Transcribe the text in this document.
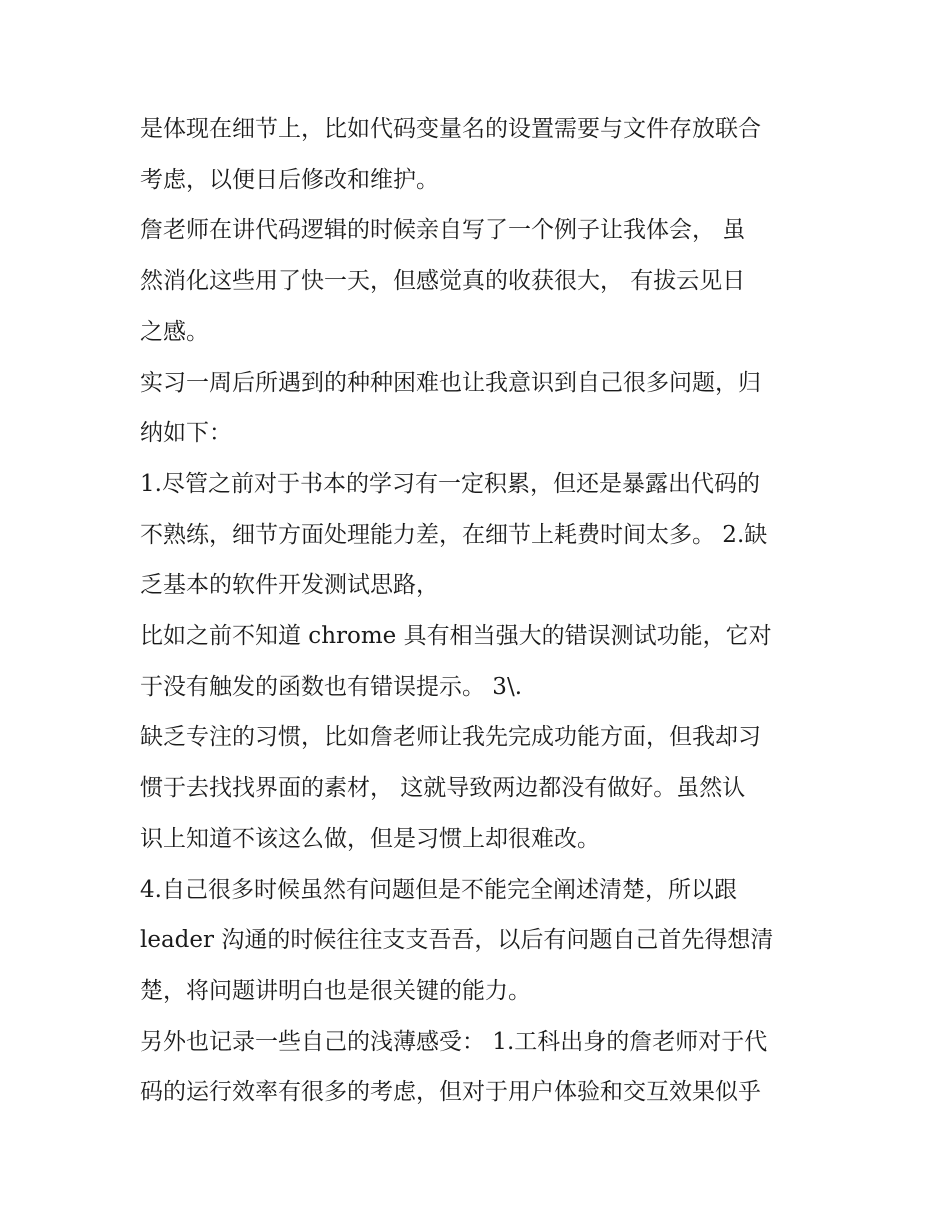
是体现在细节上，比如代码变量名的设置需要与文件存放联合
考虑，以便日后修改和维护。

詹老师在讲代码逻辑的时候亲自写了一个例子让我体会， 虽
然消化这些用了快一天，但感觉真的收获很大， 有拔云见日
之感。

实习一周后所遇到的种种困难也让我意识到自己很多问题，归
纳如下：

1.尽管之前对于书本的学习有一定积累，但还是暴露出代码的
不熟练，细节方面处理能力差，在细节上耗费时间太多。 2.缺
乏基本的软件开发测试思路，

比如之前不知道 chrome 具有相当强大的错误测试功能，它对
于没有触发的函数也有错误提示。 3\.

缺乏专注的习惯，比如詹老师让我先完成功能方面，但我却习
惯于去找找界面的素材， 这就导致两边都没有做好。虽然认
识上知道不该这么做，但是习惯上却很难改。

4.自己很多时候虽然有问题但是不能完全阐述清楚，所以跟
leader 沟通的时候往往支支吾吾，以后有问题自己首先得想清
楚，将问题讲明白也是很关键的能力。

另外也记录一些自己的浅薄感受： 1.工科出身的詹老师对于代
码的运行效率有很多的考虑，但对于用户体验和交互效果似乎
